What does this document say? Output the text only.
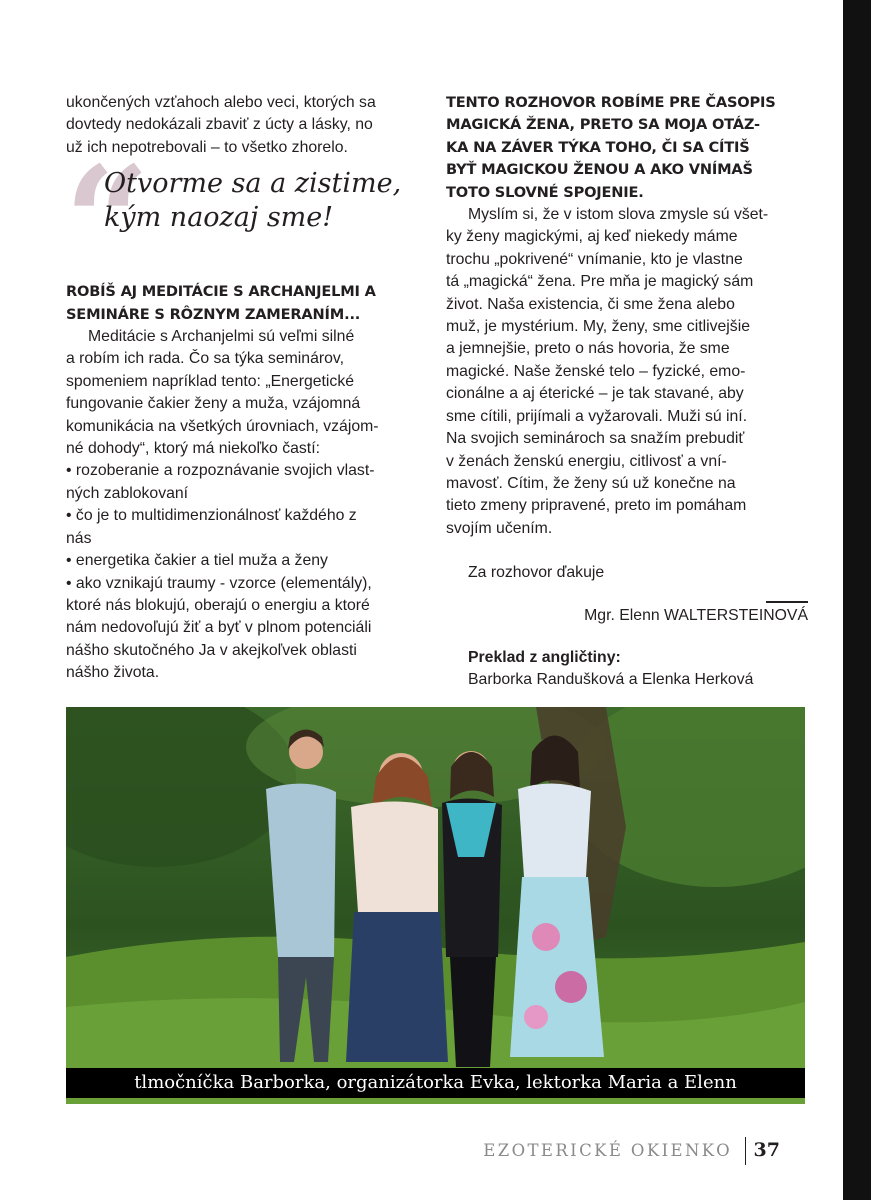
ukončených vzťahoch alebo veci, ktorých sa

dovtedy nedokázali zbaviť z úcty a lásky, no

už ich nepotrebovali – to všetko zhorelo.

“
Otvorme sa a zistime,
kým naozaj sme!

ROBÍŠ AJ MEDITÁCIE S ARCHANJELMI A

SEMINÁRE S RÔZNYM ZAMERANÍM...

Meditácie s Archanjelmi sú veľmi silné

a robím ich rada. Čo sa týka seminárov,

spomeniem napríklad tento: „Energetické

fungovanie čakier ženy a muža, vzájomná

komunikácia na všetkých úrovniach, vzájom-

né dohody“, ktorý má niekoľko častí:

• rozoberanie a rozpoznávanie svojich vlast-
ných zablokovaní
• čo je to multidimenzionálnosť každého z
nás
• energetika čakier a tiel muža a ženy
• ako vznikajú traumy - vzorce (elementály),
ktoré nás blokujú, oberajú o energiu a ktoré
nám nedovoľujú žiť a byť v plnom potenciáli
nášho skutočného Ja v akejkoľvek oblasti
nášho života.

TENTO ROZHOVOR ROBÍME PRE ČASOPIS

MAGICKÁ ŽENA, PRETO SA MOJA OTÁZ-

KA NA ZÁVER TÝKA TOHO, ČI SA CÍTIŠ

BYŤ MAGICKOU ŽENOU A AKO VNÍMAŠ

TOTO SLOVNÉ SPOJENIE.

Myslím si, že v istom slova zmysle sú všet-

ky ženy magickými, aj keď niekedy máme

trochu „pokrivené“ vnímanie, kto je vlastne

tá „magická“ žena. Pre mňa je magický sám

život. Naša existencia, či sme žena alebo

muž, je mystérium. My, ženy, sme citlivejšie

a jemnejšie, preto o nás hovoria, že sme

magické. Naše ženské telo – fyzické, emo-

cionálne a aj éterické – je tak stavané, aby

sme cítili, prijímali a vyžarovali. Muži sú iní.

Na svojich seminároch sa snažím prebudiť

v ženách ženskú energiu, citlivosť a vní-

mavosť. Cítim, že ženy sú už konečne na

tieto zmeny pripravené, preto im pomáham

svojím učením.

Za rozhovor ďakuje

Mgr. Elenn WALTERSTEINOVÁ

Preklad z angličtiny:

Barborka Randušková a Elenka Herková

tlmočníčka Barborka, organizátorka Evka, lektorka Maria a Elenn
EZOTERICKÉ OKIENKO 37
